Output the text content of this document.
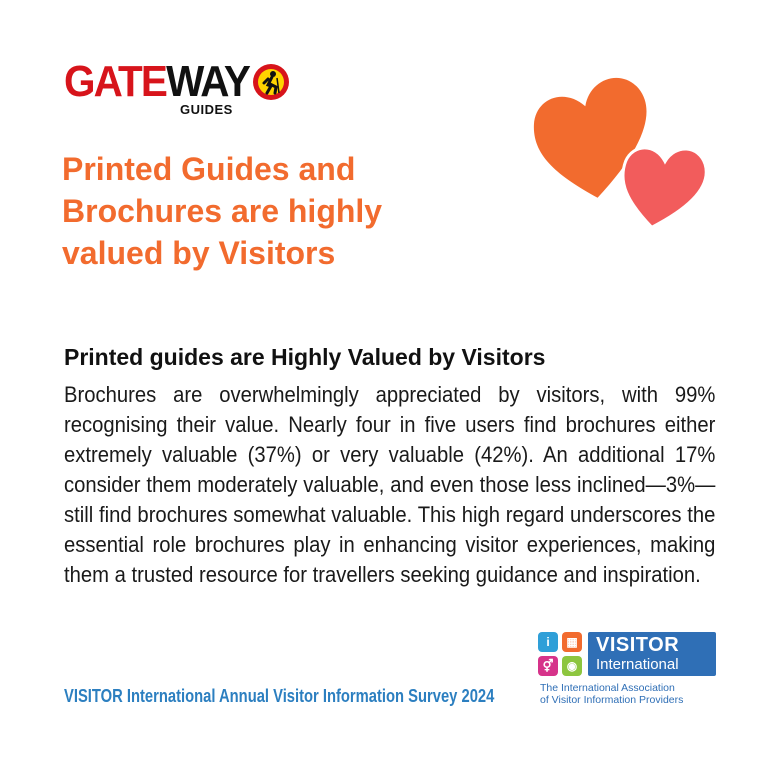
GATEWAY
GUIDES
Printed Guides and Brochures are highly valued by Visitors
Printed guides are Highly Valued by Visitors

Brochures are overwhelmingly appreciated by visitors, with 99% recognising their value. Nearly four in five users find brochures either extremely valuable (37%) or very valuable (42%). An additional 17% consider them moderately valuable, and even those less inclined—3%—still find brochures somewhat valuable. This high regard underscores the essential role brochures play in enhancing visitor experiences, making them a trusted resource for travellers seeking guidance and inspiration.

VISITOR International Annual Visitor Information Survey 2024
i	▦
⚥	◉
VISITOR
International
The International Association
of Visitor Information Providers
